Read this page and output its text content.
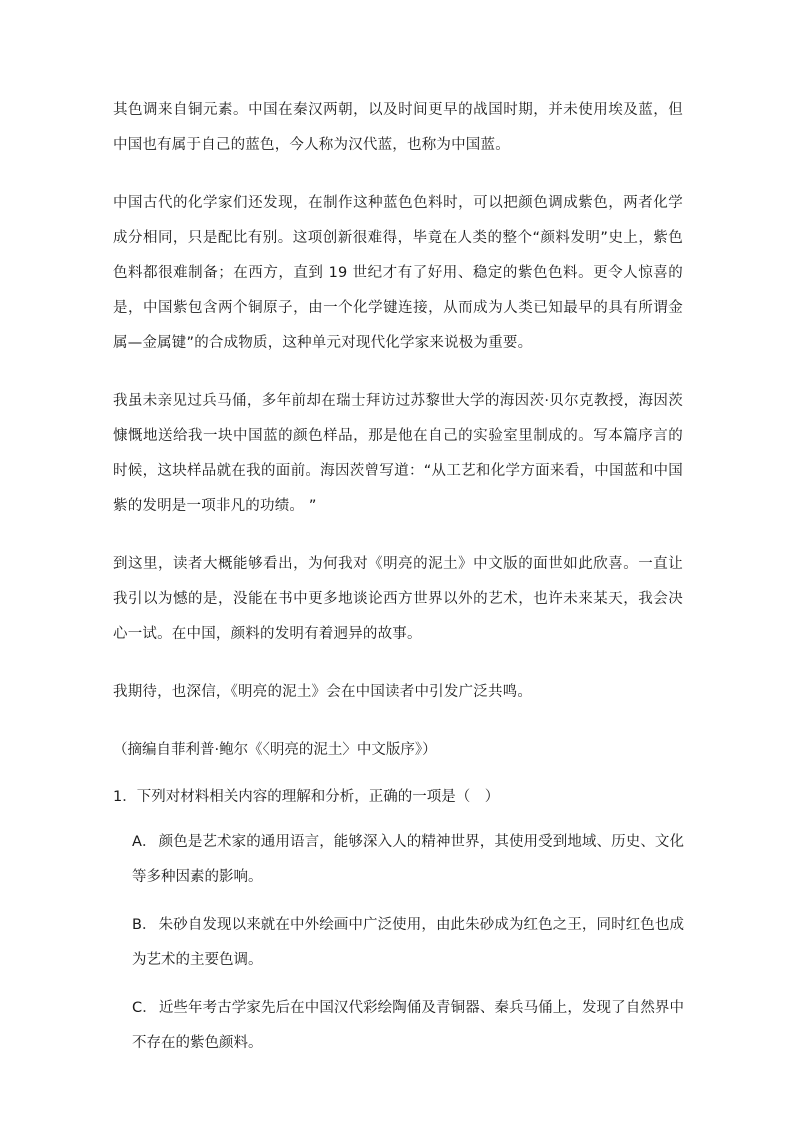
其色调来自铜元素。中国在秦汉两朝，以及时间更早的战国时期，并未使用埃及蓝，但中国也有属于自己的蓝色，今人称为汉代蓝，也称为中国蓝。

中国古代的化学家们还发现，在制作这种蓝色色料时，可以把颜色调成紫色，两者化学成分相同，只是配比有别。这项创新很难得，毕竟在人类的整个“颜料发明”史上，紫色色料都很难制备；在西方，直到 19 世纪才有了好用、稳定的紫色色料。更令人惊喜的是，中国紫包含两个铜原子，由一个化学键连接，从而成为人类已知最早的具有所谓金属—金属键”的合成物质，这种单元对现代化学家来说极为重要。

我虽未亲见过兵马俑，多年前却在瑞士拜访过苏黎世大学的海因茨·贝尔克教授，海因茨慷慨地送给我一块中国蓝的颜色样品，那是他在自己的实验室里制成的。写本篇序言的时候，这块样品就在我的面前。海因茨曾写道：“从工艺和化学方面来看，中国蓝和中国紫的发明是一项非凡的功绩。 ”

到这里，读者大概能够看出，为何我对《明亮的泥土》中文版的面世如此欣喜。一直让我引以为憾的是，没能在书中更多地谈论西方世界以外的艺术，也许未来某天，我会决心一试。在中国，颜料的发明有着迥异的故事。

我期待，也深信，《明亮的泥土》会在中国读者中引发广泛共鸣。

（摘编自菲利普·鲍尔《〈明亮的泥土〉中文版序》）

1．下列对材料相关内容的理解和分析，正确的一项是（　）

A． 颜色是艺术家的通用语言，能够深入人的精神世界，其使用受到地域、历史、文化等多种因素的影响。
B． 朱砂自发现以来就在中外绘画中广泛使用，由此朱砂成为红色之王，同时红色也成为艺术的主要色调。
C． 近些年考古学家先后在中国汉代彩绘陶俑及青铜器、秦兵马俑上，发现了自然界中不存在的紫色颜料。
